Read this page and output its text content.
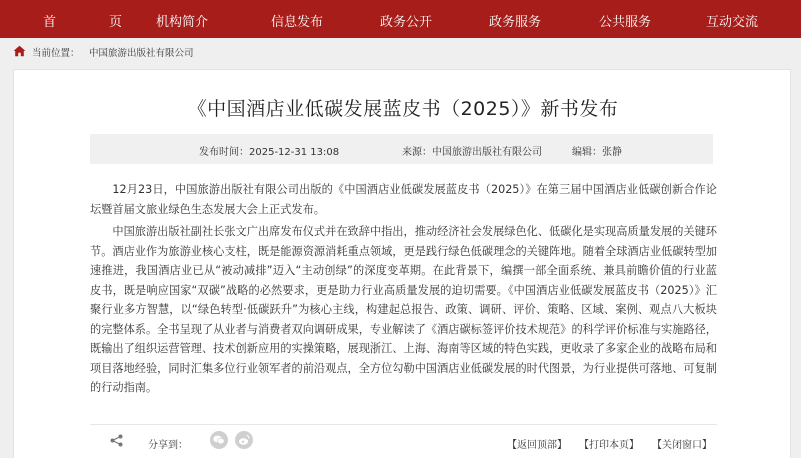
首　页 机构简介	信息发布	政务公开	政务服务	公共服务	互动交流
当前位置： 中国旅游出版社有限公司
《中国酒店业低碳发展蓝皮书（2025）》新书发布
发布时间：2025-12-31 13:08	来源：中国旅游出版社有限公司	编辑：张静

12月23日，中国旅游出版社有限公司出版的《中国酒店业低碳发展蓝皮书（2025）》在第三届中国酒店业低碳创新合作论坛暨首届文旅业绿色生态发展大会上正式发布。

中国旅游出版社副社长张文广出席发布仪式并在致辞中指出，推动经济社会发展绿色化、低碳化是实现高质量发展的关键环节。酒店业作为旅游业核心支柱，既是能源资源消耗重点领域，更是践行绿色低碳理念的关键阵地。随着全球酒店业低碳转型加速推进，我国酒店业已从“被动减排”迈入“主动创绿”的深度变革期。在此背景下，编撰一部全面系统、兼具前瞻价值的行业蓝皮书，既是响应国家“双碳”战略的必然要求，更是助力行业高质量发展的迫切需要。《中国酒店业低碳发展蓝皮书（2025）》汇聚行业多方智慧，以“绿色转型·低碳跃升”为核心主线，构建起总报告、政策、调研、评价、策略、区域、案例、观点八大板块的完整体系。全书呈现了从业者与消费者双向调研成果，专业解读了《酒店碳标签评价技术规范》的科学评价标准与实施路径，既输出了组织运营管理、技术创新应用的实操策略，展现浙江、上海、海南等区域的特色实践，更收录了多家企业的战略布局和项目落地经验，同时汇集多位行业领军者的前沿观点，全方位勾勒中国酒店业低碳发展的时代图景，为行业提供可落地、可复制的行动指南。

分享到：	【返回顶部】 【打印本页】 【关闭窗口】
